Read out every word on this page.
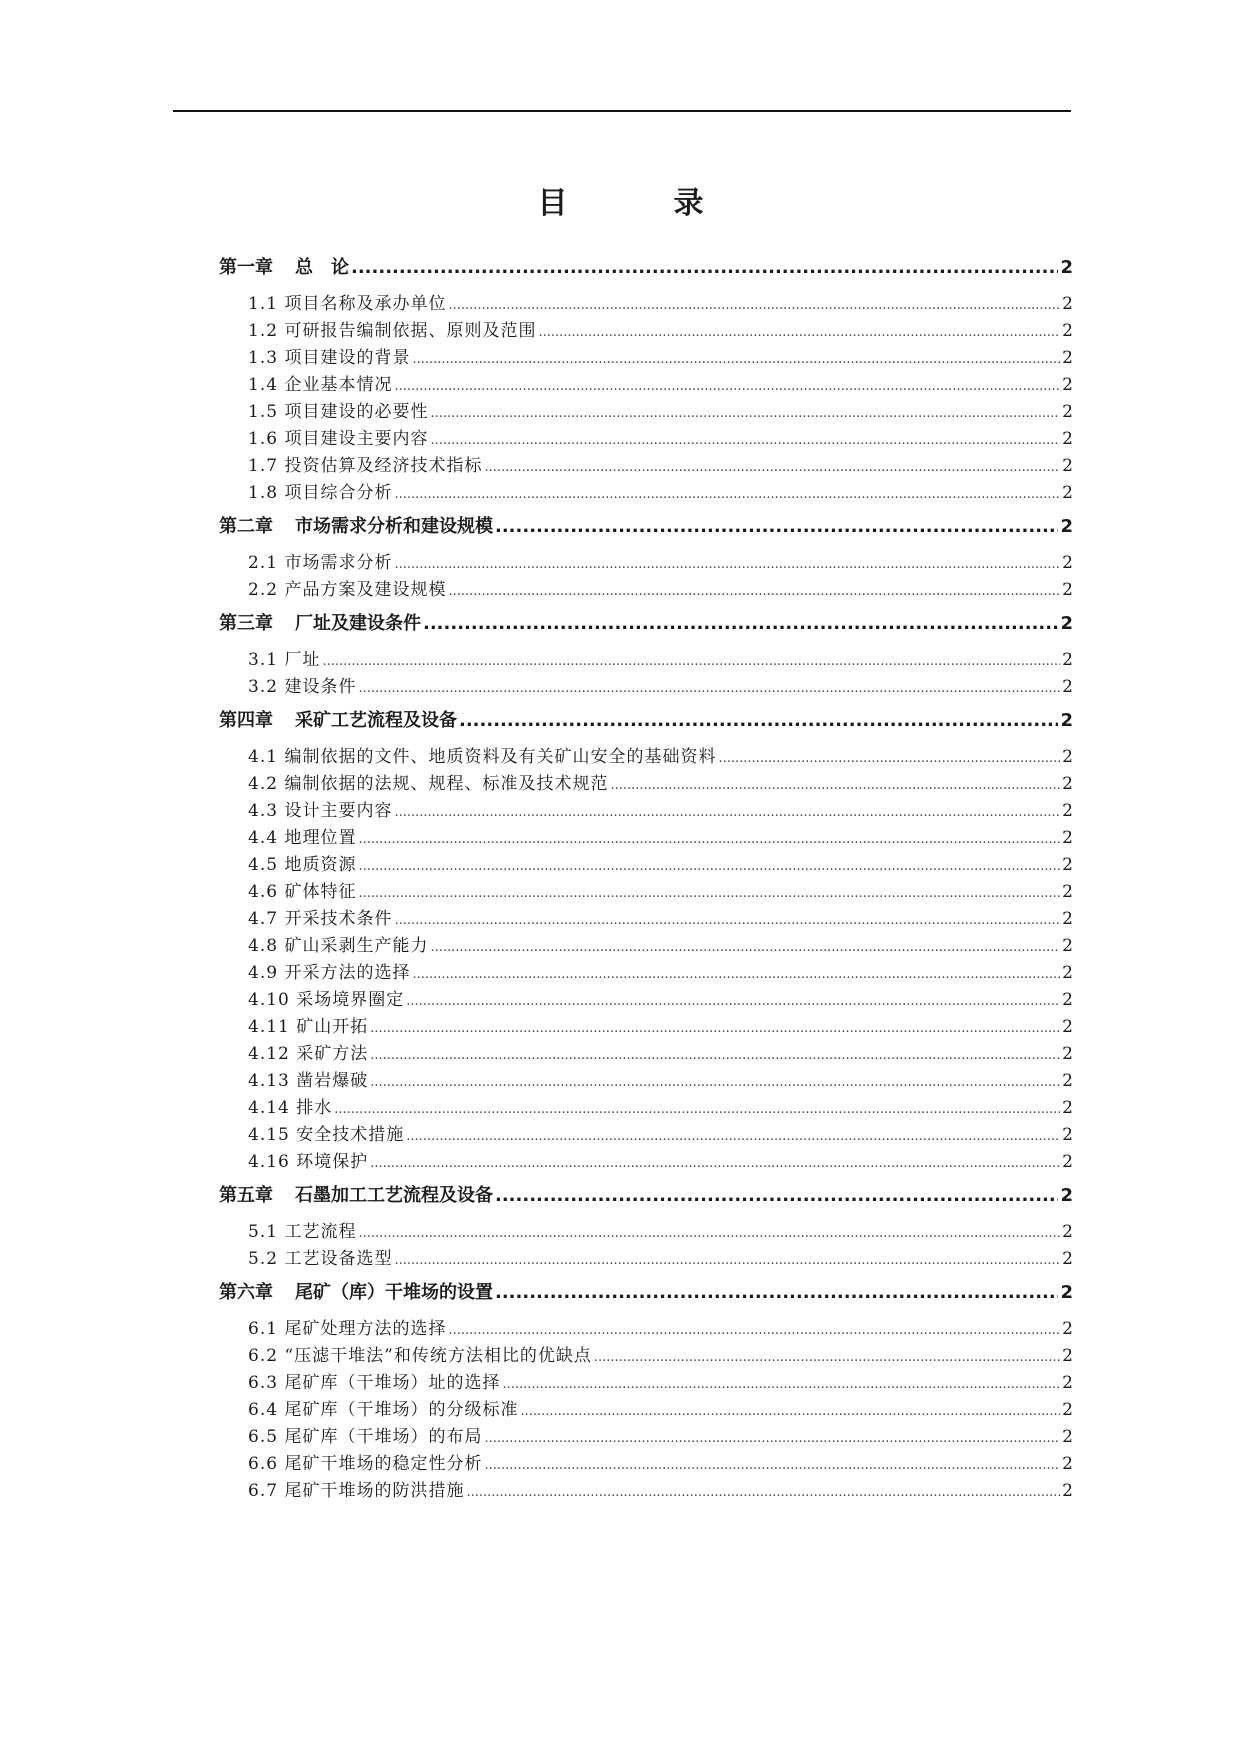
目　录
第一章 总　论 .....	2
1.1 项目名称及承办单位 .....	2
1.2 可研报告编制依据、原则及范围 .....	2
1.3 项目建设的背景 .....	2
1.4 企业基本情况 .....	2
1.5 项目建设的必要性 .....	2
1.6 项目建设主要内容 .....	2
1.7 投资估算及经济技术指标 .....	2
1.8 项目综合分析 .....	2
第二章 市场需求分析和建设规模 .....	2
2.1 市场需求分析 .....	2
2.2 产品方案及建设规模 .....	2
第三章 厂址及建设条件 .....	2
3.1 厂址 .....	2
3.2 建设条件 .....	2
第四章 采矿工艺流程及设备 .....	2
4.1 编制依据的文件、地质资料及有关矿山安全的基础资料 .....	2
4.2 编制依据的法规、规程、标准及技术规范 .....	2
4.3 设计主要内容 .....	2
4.4 地理位置 .....	2
4.5 地质资源 .....	2
4.6 矿体特征 .....	2
4.7 开采技术条件 .....	2
4.8 矿山采剥生产能力 .....	2
4.9 开采方法的选择 .....	2
4.10 采场境界圈定 .....	2
4.11 矿山开拓 .....	2
4.12 采矿方法 .....	2
4.13 凿岩爆破 .....	2
4.14 排水 .....	2
4.15 安全技术措施 .....	2
4.16 环境保护 .....	2
第五章 石墨加工工艺流程及设备 .....	2
5.1 工艺流程 .....	2
5.2 工艺设备选型 .....	2
第六章 尾矿（库）干堆场的设置 .....	2
6.1 尾矿处理方法的选择 .....	2
6.2 “压滤干堆法”和传统方法相比的优缺点 .....	2
6.3 尾矿库（干堆场）址的选择 .....	2
6.4 尾矿库（干堆场）的分级标准 .....	2
6.5 尾矿库（干堆场）的布局 .....	2
6.6 尾矿干堆场的稳定性分析 .....	2
6.7 尾矿干堆场的防洪措施 .....	2
